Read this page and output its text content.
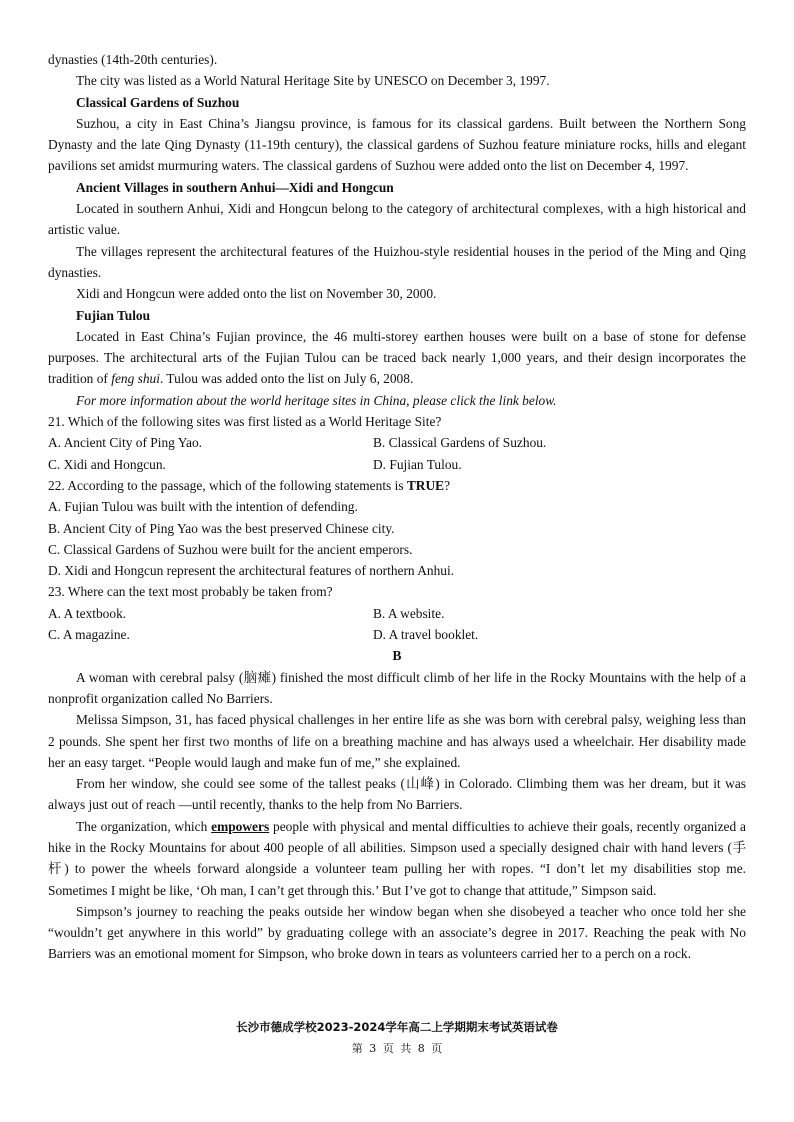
dynasties (14th-20th centuries).

The city was listed as a World Natural Heritage Site by UNESCO on December 3, 1997.

Classical Gardens of Suzhou

Suzhou, a city in East China’s Jiangsu province, is famous for its classical gardens. Built between the Northern Song Dynasty and the late Qing Dynasty (11-19th century), the classical gardens of Suzhou feature miniature rocks, hills and elegant pavilions set amidst murmuring waters. The classical gardens of Suzhou were added onto the list on December 4, 1997.

Ancient Villages in southern Anhui—Xidi and Hongcun

Located in southern Anhui, Xidi and Hongcun belong to the category of architectural complexes, with a high historical and artistic value.

The villages represent the architectural features of the Huizhou-style residential houses in the period of the Ming and Qing dynasties.

Xidi and Hongcun were added onto the list on November 30, 2000.

Fujian Tulou

Located in East China’s Fujian province, the 46 multi-storey earthen houses were built on a base of stone for defense purposes. The architectural arts of the Fujian Tulou can be traced back nearly 1,000 years, and their design incorporates the tradition of feng shui. Tulou was added onto the list on July 6, 2008.

For more information about the world heritage sites in China, please click the link below.

21. Which of the following sites was first listed as a World Heritage Site?

A. Ancient City of Ping Yao.	B. Classical Gardens of Suzhou.
C. Xidi and Hongcun.	D. Fujian Tulou.

22. According to the passage, which of the following statements is TRUE?

A. Fujian Tulou was built with the intention of defending.

B. Ancient City of Ping Yao was the best preserved Chinese city.

C. Classical Gardens of Suzhou were built for the ancient emperors.

D. Xidi and Hongcun represent the architectural features of northern Anhui.

23. Where can the text most probably be taken from?

A. A textbook.	B. A website.
C. A magazine.	D. A travel booklet.

B

A woman with cerebral palsy (脑瘫) finished the most difficult climb of her life in the Rocky Mountains with the help of a nonprofit organization called No Barriers.

Melissa Simpson, 31, has faced physical challenges in her entire life as she was born with cerebral palsy, weighing less than 2 pounds. She spent her first two months of life on a breathing machine and has always used a wheelchair. Her disability made her an easy target. “People would laugh and make fun of me,” she explained.

From her window, she could see some of the tallest peaks (山峰) in Colorado. Climbing them was her dream, but it was always just out of reach —until recently, thanks to the help from No Barriers.

The organization, which empowers people with physical and mental difficulties to achieve their goals, recently organized a hike in the Rocky Mountains for about 400 people of all abilities. Simpson used a specially designed chair with hand levers (手杆) to power the wheels forward alongside a volunteer team pulling her with ropes. “I don’t let my disabilities stop me. Sometimes I might be like, ‘Oh man, I can’t get through this.’ But I’ve got to change that attitude,” Simpson said.

Simpson’s journey to reaching the peaks outside her window began when she disobeyed a teacher who once told her she “wouldn’t get anywhere in this world” by graduating college with an associate’s degree in 2017. Reaching the peak with No Barriers was an emotional moment for Simpson, who broke down in tears as volunteers carried her to a perch on a rock.

长沙市德成学校2023-2024学年高二上学期期末考试英语试卷
第 3 页 共 8 页
